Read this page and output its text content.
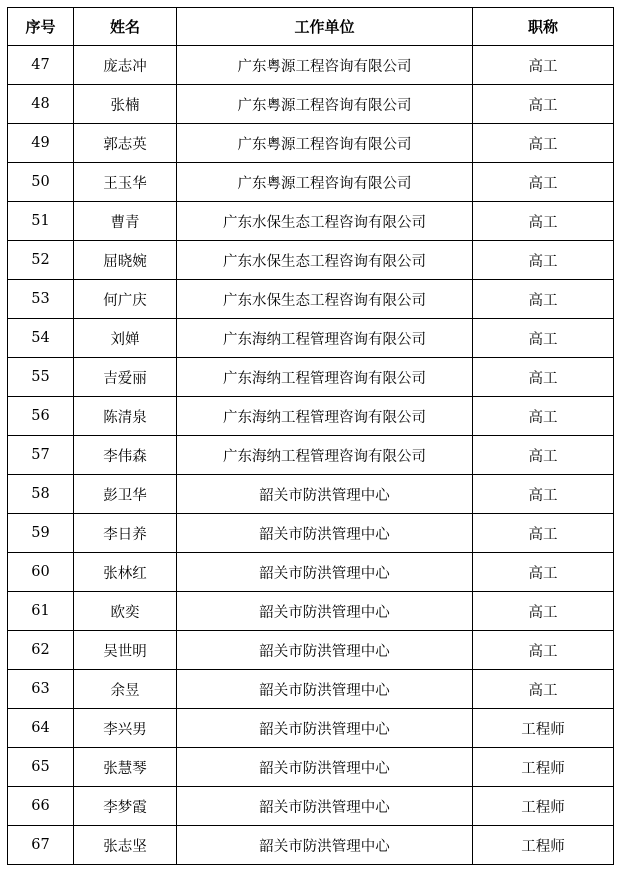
序号	姓名	工作单位	职称
47	庞志冲	广东粤源工程咨询有限公司	高工
48	张楠	广东粤源工程咨询有限公司	高工
49	郭志英	广东粤源工程咨询有限公司	高工
50	王玉华	广东粤源工程咨询有限公司	高工
51	曹青	广东水保生态工程咨询有限公司	高工
52	屈晓婉	广东水保生态工程咨询有限公司	高工
53	何广庆	广东水保生态工程咨询有限公司	高工
54	刘婵	广东海纳工程管理咨询有限公司	高工
55	吉爱丽	广东海纳工程管理咨询有限公司	高工
56	陈清泉	广东海纳工程管理咨询有限公司	高工
57	李伟森	广东海纳工程管理咨询有限公司	高工
58	彭卫华	韶关市防洪管理中心	高工
59	李日养	韶关市防洪管理中心	高工
60	张林红	韶关市防洪管理中心	高工
61	欧奕	韶关市防洪管理中心	高工
62	吴世明	韶关市防洪管理中心	高工
63	余昱	韶关市防洪管理中心	高工
64	李兴男	韶关市防洪管理中心	工程师
65	张慧琴	韶关市防洪管理中心	工程师
66	李梦霞	韶关市防洪管理中心	工程师
67	张志坚	韶关市防洪管理中心	工程师
